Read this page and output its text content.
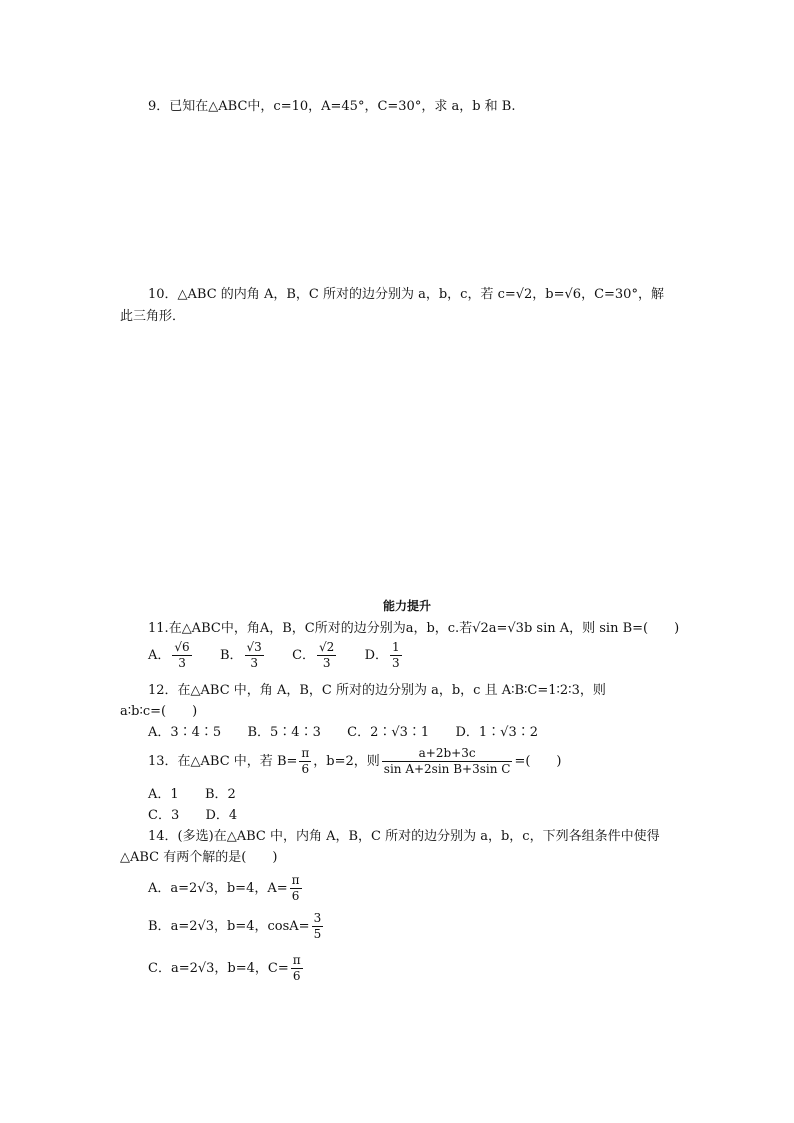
9．已知在△ABC中，c=10，A=45°，C=30°，求 a，b 和 B.
10．△ABC 的内角 A，B，C 所对的边分别为 a，b，c，若 c=√2，b=√6，C=30°，解
此三角形．
能力提升
11.在△ABC中，角A，B，C所对的边分别为a，b，c.若√2a=√3b sin A，则 sin B=(　　)
A． $\frac{√6}{3}$ B． $\frac{√3}{3}$ C． $\frac{√2}{3}$ D． $\frac{1}{3}$
12．在△ABC 中，角 A，B，C 所对的边分别为 a，b，c 且 A∶B∶C=1∶2∶3，则
a∶b∶c=(　　)
A．3∶4∶5 B．5∶4∶3 C．2∶√3∶1 D．1∶√3∶2
13．在△ABC 中，若 $B= \frac{\pi}{6}$ ，b=2，则 $\frac{a+2b+3c}{\text{sin A+2sin B+3sin C}}$ =(　　)
A．1 B．2
C．3 D．4
14．(多选)在△ABC 中，内角 A，B，C 所对的边分别为 a，b，c，下列各组条件中使得
△ABC 有两个解的是(　　)
A．a=2√3，b=4，$A= \frac{\pi}{6}$
B．a=2√3，b=4，$\cos A= \frac{3}{5}$
C．a=2√3，b=4，$C= \frac{\pi}{6}$
